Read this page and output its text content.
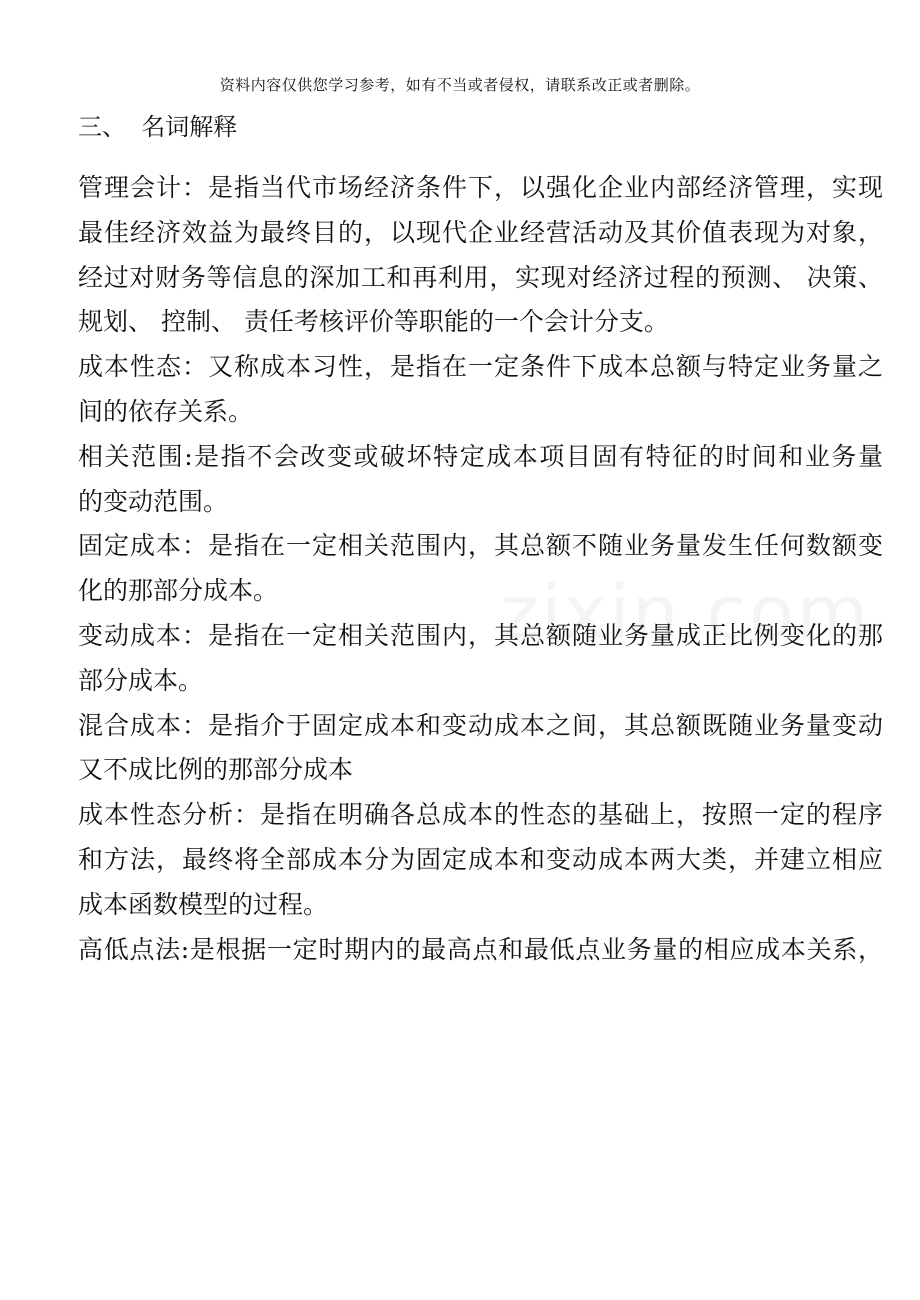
资料内容仅供您学习参考，如有不当或者侵权，请联系改正或者删除。
三、  名词解释
管理会计：是指当代市场经济条件下，以强化企业内部经济管理，实现
最佳经济效益为最终目的，以现代企业经营活动及其价值表现为对象，
经过对财务等信息的深加工和再利用，实现对经济过程的预测、 决策、
规划、 控制、 责任考核评价等职能的一个会计分支。
成本性态：又称成本习性，是指在一定条件下成本总额与特定业务量之
间的依存关系。
相关范围:是指不会改变或破坏特定成本项目固有特征的时间和业务量
的变动范围。
固定成本：是指在一定相关范围内，其总额不随业务量发生任何数额变
化的那部分成本。
变动成本：是指在一定相关范围内，其总额随业务量成正比例变化的那
部分成本。
混合成本：是指介于固定成本和变动成本之间，其总额既随业务量变动
又不成比例的那部分成本
成本性态分析：是指在明确各总成本的性态的基础上，按照一定的程序
和方法，最终将全部成本分为固定成本和变动成本两大类，并建立相应
成本函数模型的过程。
高低点法:是根据一定时期内的最高点和最低点业务量的相应成本关系，
